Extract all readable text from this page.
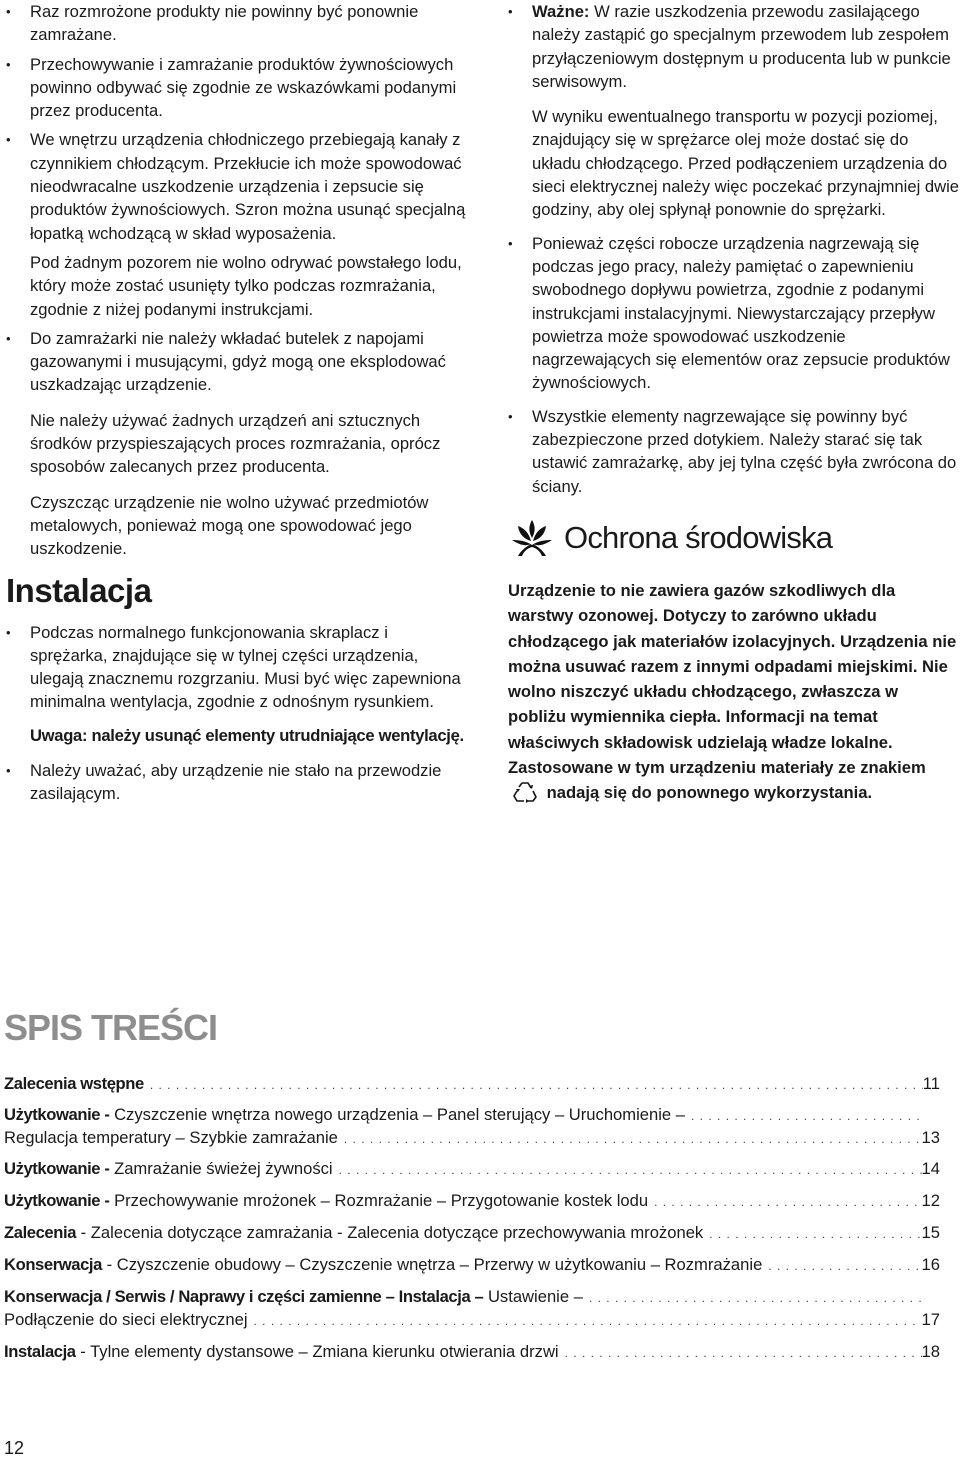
• Raz rozmrożone produkty nie powinny być ponownie zamrażane.

• Przechowywanie i zamrażanie produktów żywnościowych powinno odbywać się zgodnie ze wskazówkami podanymi przez producenta.

• We wnętrzu urządzenia chłodniczego przebiegają kanały z czynnikiem chłodzącym. Przekłucie ich może spowodować nieodwracalne uszkodzenie urządzenia i zepsucie się produktów żywnościowych. Szron można usunąć specjalną łopatką wchodzącą w skład wyposażenia.

Pod żadnym pozorem nie wolno odrywać powstałego lodu, który może zostać usunięty tylko podczas rozmrażania, zgodnie z niżej podanymi instrukcjami.

• Do zamrażarki nie należy wkładać butelek z napojami gazowanymi i musującymi, gdyż mogą one eksplodować uszkadzając urządzenie.

Nie należy używać żadnych urządzeń ani sztucznych środków przyspieszających proces rozmrażania, oprócz sposobów zalecanych przez producenta.

Czyszcząc urządzenie nie wolno używać przedmiotów metalowych, ponieważ mogą one spowodować jego uszkodzenie.

Instalacja

• Podczas normalnego funkcjonowania skraplacz i sprężarka, znajdujące się w tylnej części urządzenia, ulegają znacznemu rozgrzaniu. Musi być więc zapewniona minimalna wentylacja, zgodnie z odnośnym rysunkiem.

Uwaga: należy usunąć elementy utrudniające wentylację.

• Należy uważać, aby urządzenie nie stało na przewodzie zasilającym.

• Ważne: W razie uszkodzenia przewodu zasilającego należy zastąpić go specjalnym przewodem lub zespołem przyłączeniowym dostępnym u producenta lub w punkcie serwisowym.

W wyniku ewentualnego transportu w pozycji poziomej, znajdujący się w sprężarce olej może dostać się do układu chłodzącego. Przed podłączeniem urządzenia do sieci elektrycznej należy więc poczekać przynajmniej dwie godziny, aby olej spłynął ponownie do sprężarki.

• Ponieważ części robocze urządzenia nagrzewają się podczas jego pracy, należy pamiętać o zapewnieniu swobodnego dopływu powietrza, zgodnie z podanymi instrukcjami instalacyjnymi. Niewystarczający przepływ powietrza może spowodować uszkodzenie nagrzewających się elementów oraz zepsucie produktów żywnościowych.

• Wszystkie elementy nagrzewające się powinny być zabezpieczone przed dotykiem. Należy starać się tak ustawić zamrażarkę, aby jej tylna część była zwrócona do ściany.

Ochrona środowiska

Urządzenie to nie zawiera gazów szkodliwych dla warstwy ozonowej. Dotyczy to zarówno układu chłodzącego jak materiałów izolacyjnych. Urządzenia nie można usuwać razem z innymi odpadami miejskimi. Nie wolno niszczyć układu chłodzącego, zwłaszcza w pobliżu wymiennika ciepła. Informacji na temat właściwych składowisk udzielają władze lokalne. Zastosowane w tym urządzeniu materiały ze znakiem  nadają się do ponownego wykorzystania.

SPIS TREŚCI
Zalecenia wstępne . . .	11
Użytkowanie - Czyszczenie wnętrza nowego urządzenia – Panel sterujący – Uruchomienie –
. . .
Regulacja temperatury – Szybkie zamrażanie . . .	13
Użytkowanie - Zamrażanie świeżej żywności . . .	14
Użytkowanie - Przechowywanie mrożonek – Rozmrażanie – Przygotowanie kostek lodu . . .	12
Zalecenia - Zalecenia dotyczące zamrażania - Zalecenia dotyczące przechowywania mrożonek . . .	15
Konserwacja - Czyszczenie obudowy – Czyszczenie wnętrza – Przerwy w użytkowaniu – Rozmrażanie . . .	16
Konserwacja / Serwis / Naprawy i części zamienne – Instalacja – Ustawienie –
. . .
Podłączenie do sieci elektrycznej . . .	17
Instalacja - Tylne elementy dystansowe – Zmiana kierunku otwierania drzwi . . .	18
12
